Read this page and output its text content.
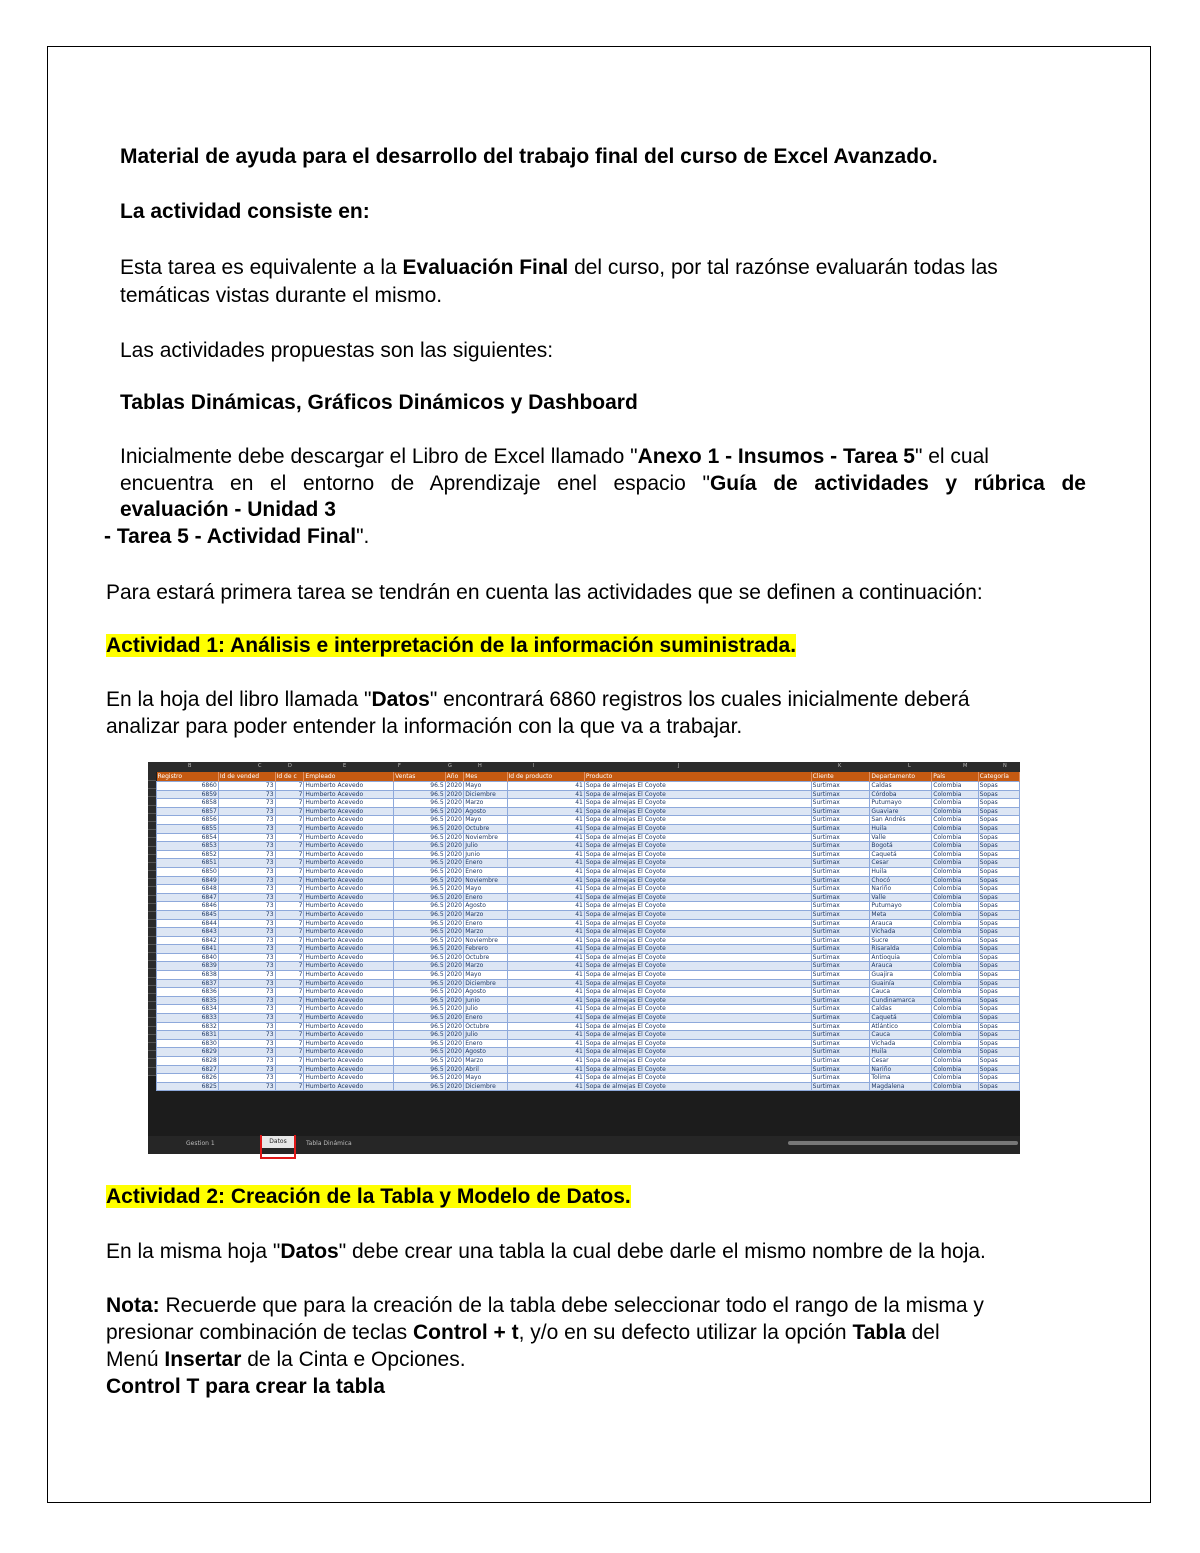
Material de ayuda para el desarrollo del trabajo final del curso de Excel Avanzado.
La actividad consiste en:
Esta tarea es equivalente a la Evaluación Final del curso, por tal razónse evaluarán todas las
temáticas vistas durante el mismo.
Las actividades propuestas son las siguientes:
Tablas Dinámicas, Gráficos Dinámicos y Dashboard
Inicialmente debe descargar el Libro de Excel llamado "Anexo 1 - Insumos - Tarea 5" el cual
encuentra en el entorno de Aprendizaje enel espacio "Guía de actividades y rúbrica de
evaluación - Unidad 3
- Tarea 5 - Actividad Final".
Para estará primera tarea se tendrán en cuenta las actividades que se definen a continuación:
Actividad 1: Análisis e interpretación de la información suministrada.
En la hoja del libro llamada "Datos" encontrará 6860 registros los cuales inicialmente deberá
analizar para poder entender la información con la que va a trabajar.
B	C	D	E	F	G	H	I	J	K	L	M	N
Registro	Id de vended	Id de c	Empleado	Ventas	Año	Mes	Id de producto	Producto	Cliente	Departamento	País	Categoría
6860	73	7	Humberto Acevedo	96.5	2020	Mayo	41	Sopa de almejas El Coyote	Surtimax	Caldas	Colombia	Sopas
6859	73	7	Humberto Acevedo	96.5	2020	Diciembre	41	Sopa de almejas El Coyote	Surtimax	Córdoba	Colombia	Sopas
6858	73	7	Humberto Acevedo	96.5	2020	Marzo	41	Sopa de almejas El Coyote	Surtimax	Putumayo	Colombia	Sopas
6857	73	7	Humberto Acevedo	96.5	2020	Agosto	41	Sopa de almejas El Coyote	Surtimax	Guaviare	Colombia	Sopas
6856	73	7	Humberto Acevedo	96.5	2020	Mayo	41	Sopa de almejas El Coyote	Surtimax	San Andrés	Colombia	Sopas
6855	73	7	Humberto Acevedo	96.5	2020	Octubre	41	Sopa de almejas El Coyote	Surtimax	Huila	Colombia	Sopas
6854	73	7	Humberto Acevedo	96.5	2020	Noviembre	41	Sopa de almejas El Coyote	Surtimax	Valle	Colombia	Sopas
6853	73	7	Humberto Acevedo	96.5	2020	Julio	41	Sopa de almejas El Coyote	Surtimax	Bogotá	Colombia	Sopas
6852	73	7	Humberto Acevedo	96.5	2020	Junio	41	Sopa de almejas El Coyote	Surtimax	Caquetá	Colombia	Sopas
6851	73	7	Humberto Acevedo	96.5	2020	Enero	41	Sopa de almejas El Coyote	Surtimax	Cesar	Colombia	Sopas
6850	73	7	Humberto Acevedo	96.5	2020	Enero	41	Sopa de almejas El Coyote	Surtimax	Huila	Colombia	Sopas
6849	73	7	Humberto Acevedo	96.5	2020	Noviembre	41	Sopa de almejas El Coyote	Surtimax	Chocó	Colombia	Sopas
6848	73	7	Humberto Acevedo	96.5	2020	Mayo	41	Sopa de almejas El Coyote	Surtimax	Nariño	Colombia	Sopas
6847	73	7	Humberto Acevedo	96.5	2020	Enero	41	Sopa de almejas El Coyote	Surtimax	Valle	Colombia	Sopas
6846	73	7	Humberto Acevedo	96.5	2020	Agosto	41	Sopa de almejas El Coyote	Surtimax	Putumayo	Colombia	Sopas
6845	73	7	Humberto Acevedo	96.5	2020	Marzo	41	Sopa de almejas El Coyote	Surtimax	Meta	Colombia	Sopas
6844	73	7	Humberto Acevedo	96.5	2020	Enero	41	Sopa de almejas El Coyote	Surtimax	Arauca	Colombia	Sopas
6843	73	7	Humberto Acevedo	96.5	2020	Marzo	41	Sopa de almejas El Coyote	Surtimax	Vichada	Colombia	Sopas
6842	73	7	Humberto Acevedo	96.5	2020	Noviembre	41	Sopa de almejas El Coyote	Surtimax	Sucre	Colombia	Sopas
6841	73	7	Humberto Acevedo	96.5	2020	Febrero	41	Sopa de almejas El Coyote	Surtimax	Risaralda	Colombia	Sopas
6840	73	7	Humberto Acevedo	96.5	2020	Octubre	41	Sopa de almejas El Coyote	Surtimax	Antioquia	Colombia	Sopas
6839	73	7	Humberto Acevedo	96.5	2020	Marzo	41	Sopa de almejas El Coyote	Surtimax	Arauca	Colombia	Sopas
6838	73	7	Humberto Acevedo	96.5	2020	Mayo	41	Sopa de almejas El Coyote	Surtimax	Guajira	Colombia	Sopas
6837	73	7	Humberto Acevedo	96.5	2020	Diciembre	41	Sopa de almejas El Coyote	Surtimax	Guainía	Colombia	Sopas
6836	73	7	Humberto Acevedo	96.5	2020	Agosto	41	Sopa de almejas El Coyote	Surtimax	Cauca	Colombia	Sopas
6835	73	7	Humberto Acevedo	96.5	2020	Junio	41	Sopa de almejas El Coyote	Surtimax	Cundinamarca	Colombia	Sopas
6834	73	7	Humberto Acevedo	96.5	2020	Julio	41	Sopa de almejas El Coyote	Surtimax	Caldas	Colombia	Sopas
6833	73	7	Humberto Acevedo	96.5	2020	Enero	41	Sopa de almejas El Coyote	Surtimax	Caquetá	Colombia	Sopas
6832	73	7	Humberto Acevedo	96.5	2020	Octubre	41	Sopa de almejas El Coyote	Surtimax	Atlántico	Colombia	Sopas
6831	73	7	Humberto Acevedo	96.5	2020	Julio	41	Sopa de almejas El Coyote	Surtimax	Cauca	Colombia	Sopas
6830	73	7	Humberto Acevedo	96.5	2020	Enero	41	Sopa de almejas El Coyote	Surtimax	Vichada	Colombia	Sopas
6829	73	7	Humberto Acevedo	96.5	2020	Agosto	41	Sopa de almejas El Coyote	Surtimax	Huila	Colombia	Sopas
6828	73	7	Humberto Acevedo	96.5	2020	Marzo	41	Sopa de almejas El Coyote	Surtimax	Cesar	Colombia	Sopas
6827	73	7	Humberto Acevedo	96.5	2020	Abril	41	Sopa de almejas El Coyote	Surtimax	Nariño	Colombia	Sopas
6826	73	7	Humberto Acevedo	96.5	2020	Mayo	41	Sopa de almejas El Coyote	Surtimax	Tolima	Colombia	Sopas
6825	73	7	Humberto Acevedo	96.5	2020	Diciembre	41	Sopa de almejas El Coyote	Surtimax	Magdalena	Colombia	Sopas
Gestion 1	Tabla Dinámica
Datos
Actividad 2: Creación de la Tabla y Modelo de Datos.
En la misma hoja "Datos" debe crear una tabla la cual debe darle el mismo nombre de la hoja.
Nota: Recuerde que para la creación de la tabla debe seleccionar todo el rango de la misma y
presionar combinación de teclas Control + t, y/o en su defecto utilizar la opción Tabla del
Menú Insertar de la Cinta e Opciones.
Control T para crear la tabla
